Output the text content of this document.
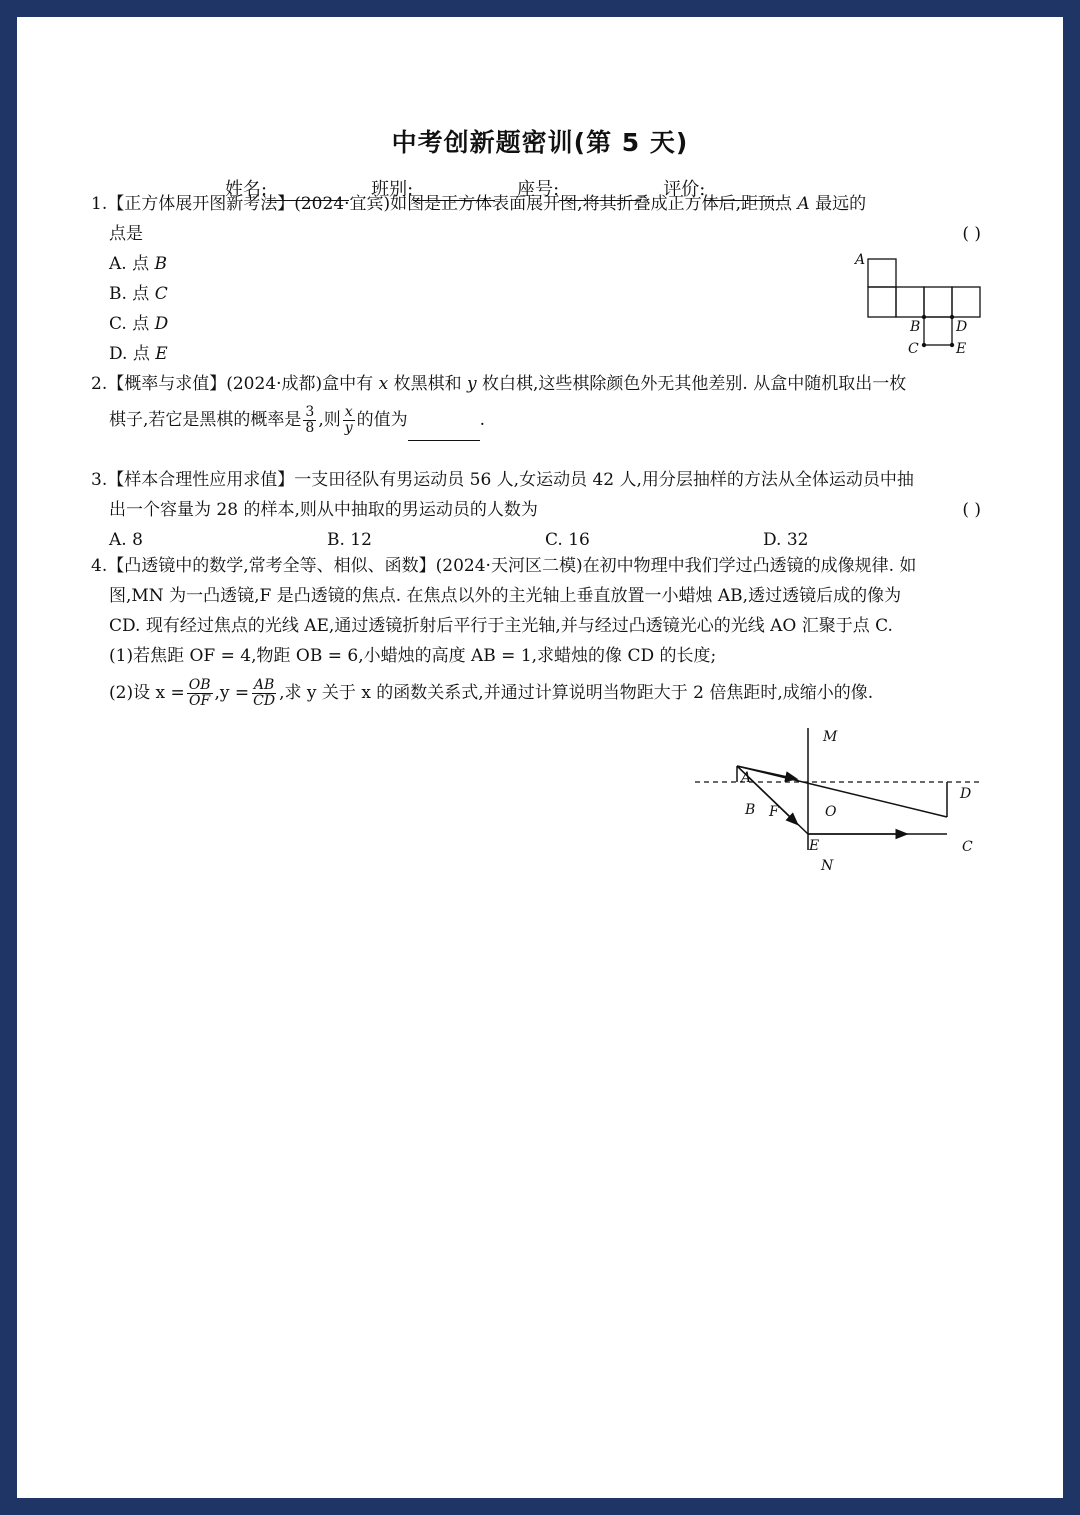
中考创新题密训(第 5 天)
姓名:	班别:	座号:	评价:
1.【正方体展开图新考法】(2024·宜宾)如图是正方体表面展开图,将其折叠成正方体后,距顶点 A 最远的
点是	( )
A. 点 B
B. 点 C
C. 点 D
D. 点 E
A
B	D
C	E
2.【概率与求值】(2024·成都)盒中有 x 枚黑棋和 y 枚白棋,这些棋除颜色外无其他差别. 从盒中随机取出一枚
棋子,若它是黑棋的概率是 $\frac{3}{8}$ ,则 $\frac{x}{y}$ 的值为	.
3.【样本合理性应用求值】一支田径队有男运动员 56 人,女运动员 42 人,用分层抽样的方法从全体运动员中抽
出一个容量为 28 的样本,则从中抽取的男运动员的人数为	( )
A. 8	B. 12	C. 16	D. 32
4.【凸透镜中的数学,常考全等、相似、函数】(2024·天河区二模)在初中物理中我们学过凸透镜的成像规律. 如
图,MN 为一凸透镜,F 是凸透镜的焦点. 在焦点以外的主光轴上垂直放置一小蜡烛 AB,透过透镜后成的像为
CD. 现有经过焦点的光线 AE,通过透镜折射后平行于主光轴,并与经过凸透镜光心的光线 AO 汇聚于点 C.
(1)若焦距 OF = 4,物距 OB = 6,小蜡烛的高度 AB = 1,求蜡烛的像 CD 的长度;
(2)设 $x = \frac{OB}{OF} ,y = \frac{AB}{CD}$ ,求 y 关于 x 的函数关系式,并通过计算说明当物距大于 2 倍焦距时,成缩小的像.
M
N
A
B F	O
E
D
C
